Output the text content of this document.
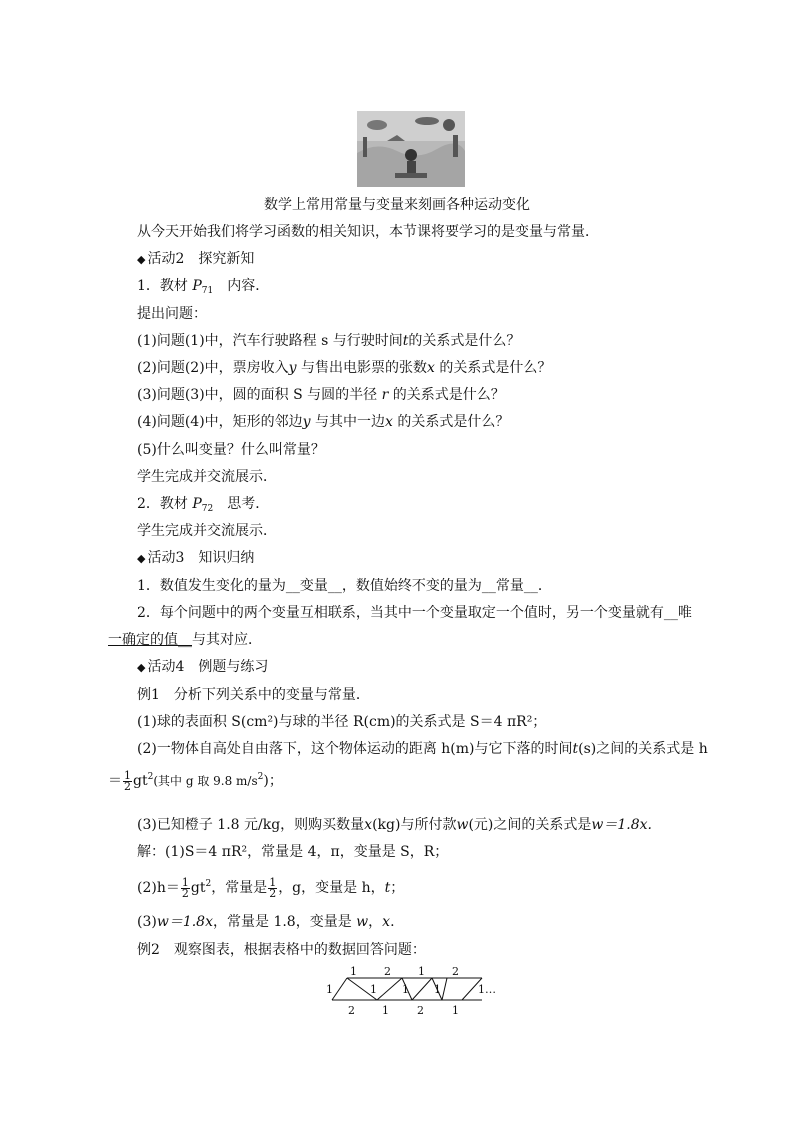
数学上常用常量与变量来刻画各种运动变化
从今天开始我们将学习函数的相关知识，本节课将要学习的是变量与常量．
◆ 活动2　探究新知
1．教材 $P_{71}$　内容．
提出问题：
(1)问题(1)中，汽车行驶路程 s 与行驶时间t的关系式是什么？
(2)问题(2)中，票房收入y 与售出电影票的张数x 的关系式是什么？
(3)问题(3)中，圆的面积 S 与圆的半径 r 的关系式是什么？
(4)问题(4)中，矩形的邻边y 与其中一边x 的关系式是什么？
(5)什么叫变量？什么叫常量？
学生完成并交流展示．
2．教材 $P_{72}$　思考．
学生完成并交流展示．
◆ 活动3　知识归纳
1．数值发生变化的量为__变量__，数值始终不变的量为__常量__．
2．每个问题中的两个变量互相联系，当其中一个变量取定一个值时，另一个变量就有__唯
一确定的值__与其对应．
◆ 活动4　例题与练习
例1　分析下列关系中的变量与常量．
(1)球的表面积 S(cm²)与球的半径 R(cm)的关系式是 S＝4 πR²；
(2)一物体自高处自由落下，这个物体运动的距离 h(m)与它下落的时间t(s)之间的关系式是 h
＝ $\frac{1}{2} gt^2$(其中 g 取 9.8 $m/s^2$)；
(3)已知橙子 1.8 元/kg，则购买数量x(kg)与所付款w(元)之间的关系式是w＝1.8x.
解：(1)S＝4 πR²，常量是 4，π，变量是 S，R；
$(2)h= \frac{1}{2} gt^2$，常量是 $\frac{1}{2}$ ，g，变量是 h，t；
(3)w＝1.8x，常量是 1.8，变量是 w，x.
例2　观察图表，根据表格中的数据回答问题：
1 2 1 2
2 1	2	1
1	1 1 1	1…
